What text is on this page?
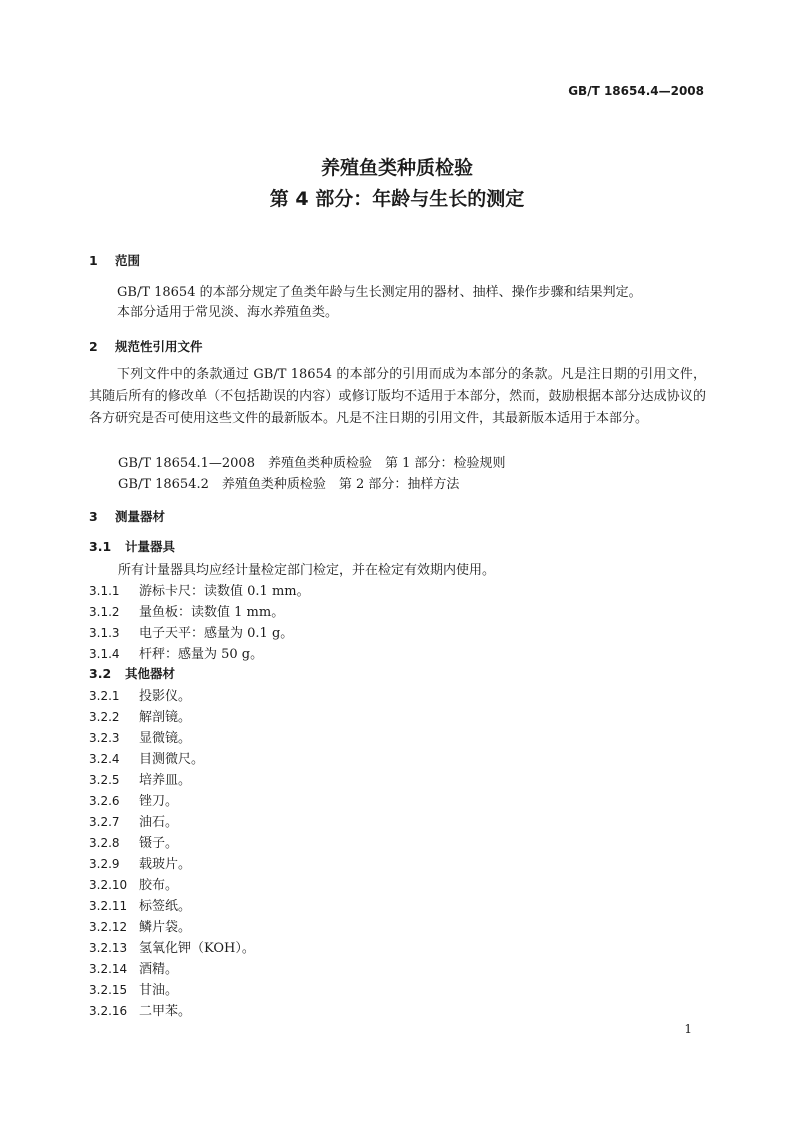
GB/T 18654.4—2008
养殖鱼类种质检验
第 4 部分：年龄与生长的测定
1 范围
GB/T 18654 的本部分规定了鱼类年龄与生长测定用的器材、抽样、操作步骤和结果判定。
本部分适用于常见淡、海水养殖鱼类。
2 规范性引用文件
下列文件中的条款通过 GB/T 18654 的本部分的引用而成为本部分的条款。凡是注日期的引用文件，其随后所有的修改单（不包括勘误的内容）或修订版均不适用于本部分，然而，鼓励根据本部分达成协议的各方研究是否可使用这些文件的最新版本。凡是不注日期的引用文件，其最新版本适用于本部分。
GB/T 18654.1—2008　养殖鱼类种质检验　第 1 部分：检验规则
GB/T 18654.2　养殖鱼类种质检验　第 2 部分：抽样方法
3 测量器材
3.1 计量器具
所有计量器具均应经计量检定部门检定，并在检定有效期内使用。
3.1.1 游标卡尺：读数值 0.1 mm。
3.1.2 量鱼板：读数值 1 mm。
3.1.3 电子天平：感量为 0.1 g。
3.1.4 杆秤：感量为 50 g。
3.2 其他器材
3.2.1 投影仪。
3.2.2 解剖镜。
3.2.3 显微镜。
3.2.4 目测微尺。
3.2.5 培养皿。
3.2.6 锉刀。
3.2.7 油石。
3.2.8 镊子。
3.2.9 载玻片。
3.2.10 胶布。
3.2.11 标签纸。
3.2.12 鳞片袋。
3.2.13 氢氧化钾（KOH）。
3.2.14 酒精。
3.2.15 甘油。
3.2.16 二甲苯。
1
